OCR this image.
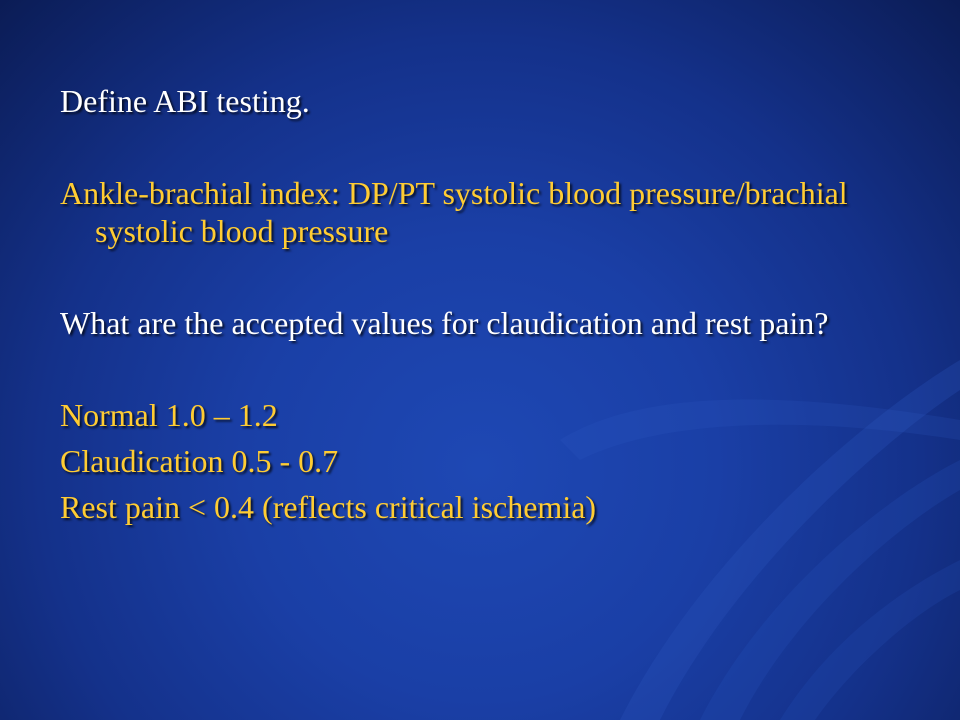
Define ABI testing.

Ankle-brachial index: DP/PT systolic blood pressure/brachial systolic blood pressure

What are the accepted values for claudication and rest pain?

Normal 1.0 – 1.2

Claudication 0.5 - 0.7

Rest pain < 0.4 (reflects critical ischemia)
